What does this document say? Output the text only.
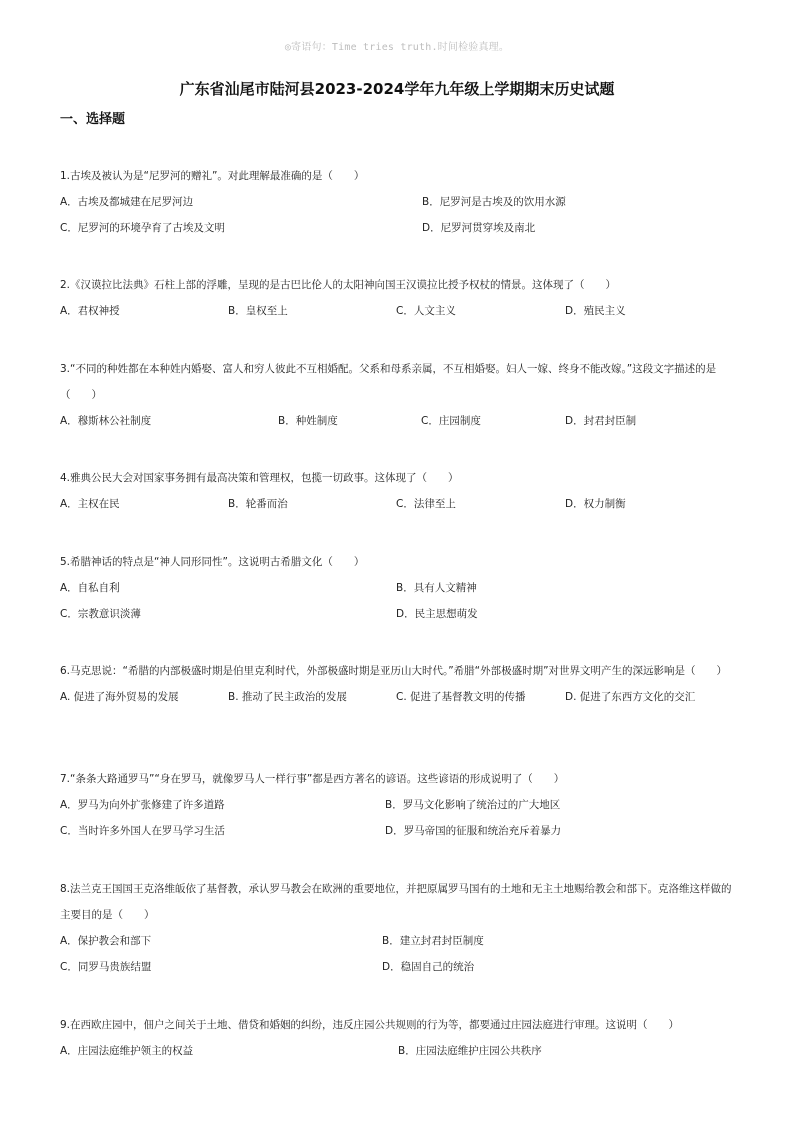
◎寄语句：Time tries truth.时间检验真理。
广东省汕尾市陆河县2023-2024学年九年级上学期期末历史试题
一、选择题

1.古埃及被认为是“尼罗河的赠礼”。对此理解最准确的是（　　）

A．古埃及都城建在尼罗河边	B．尼罗河是古埃及的饮用水源
C．尼罗河的环境孕育了古埃及文明	D．尼罗河贯穿埃及南北

2.《汉谟拉比法典》石柱上部的浮雕，呈现的是古巴比伦人的太阳神向国王汉谟拉比授予权杖的情景。这体现了（　　）

A．君权神授	B．皇权至上	C．人文主义	D．殖民主义

3.“不同的种姓都在本种姓内婚娶、富人和穷人彼此不互相婚配。父系和母系亲属，不互相婚娶。妇人一嫁、终身不能改嫁。”这段文字描述的是（　　）

A．穆斯林公社制度	B．种姓制度	C．庄园制度	D．封君封臣制

4.雅典公民大会对国家事务拥有最高决策和管理权，包揽一切政事。这体现了（　　）

A．主权在民	B．轮番而治	C．法律至上	D．权力制衡

5.希腊神话的特点是“神人同形同性”。这说明古希腊文化（　　）

A．自私自利	B．具有人文精神
C．宗教意识淡薄	D．民主思想萌发

6.马克思说：“希腊的内部极盛时期是伯里克利时代，外部极盛时期是亚历山大时代。”希腊“外部极盛时期”对世界文明产生的深远影响是（　　）

A. 促进了海外贸易的发展	B. 推动了民主政治的发展	C. 促进了基督教文明的传播	D. 促进了东西方文化的交汇

7.“条条大路通罗马”“身在罗马，就像罗马人一样行事”都是西方著名的谚语。这些谚语的形成说明了（　　）

A．罗马为向外扩张修建了许多道路	B．罗马文化影响了统治过的广大地区
C．当时许多外国人在罗马学习生活	D．罗马帝国的征服和统治充斥着暴力

8.法兰克王国国王克洛维皈依了基督教，承认罗马教会在欧洲的重要地位，并把原属罗马国有的土地和无主土地赐给教会和部下。克洛维这样做的主要目的是（　　）

A．保护教会和部下	B．建立封君封臣制度
C．同罗马贵族结盟	D．稳固自己的统治

9.在西欧庄园中，佃户之间关于土地、借贷和婚姻的纠纷，违反庄园公共规则的行为等，都要通过庄园法庭进行审理。这说明（　　）

A．庄园法庭维护领主的权益	B．庄园法庭维护庄园公共秩序
